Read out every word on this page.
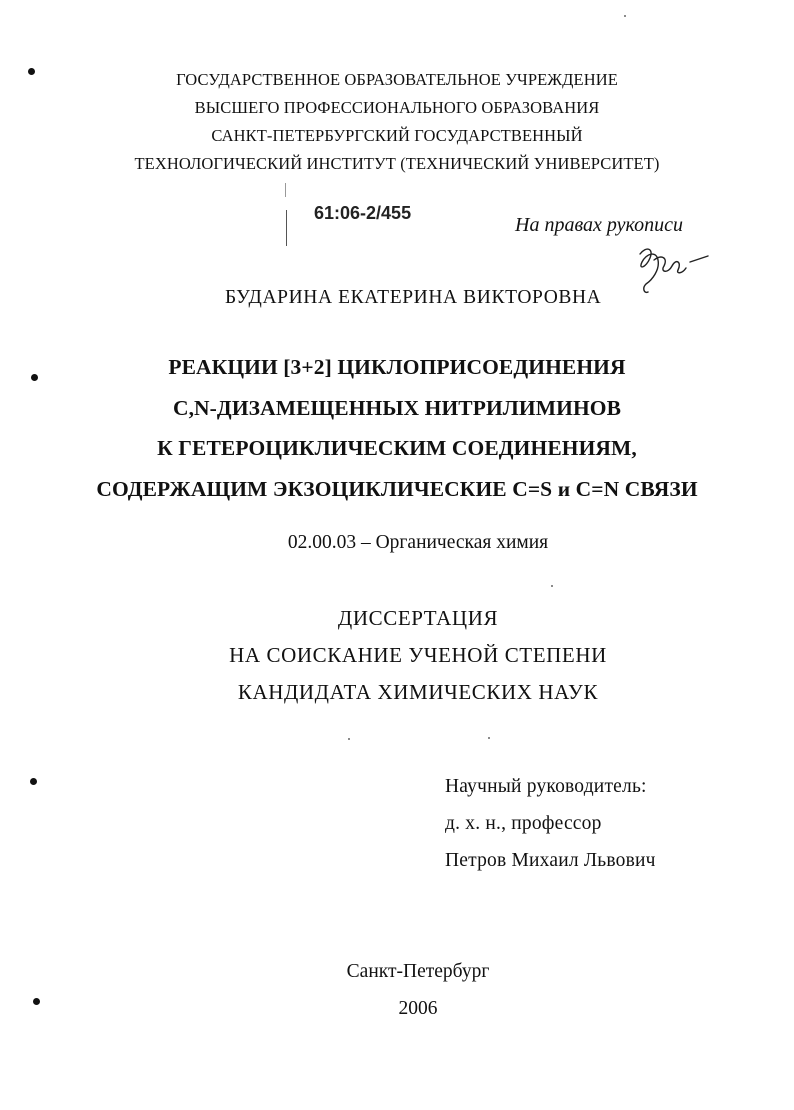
ГОСУДАРСТВЕННОЕ ОБРАЗОВАТЕЛЬНОЕ УЧРЕЖДЕНИЕ
ВЫСШЕГО ПРОФЕССИОНАЛЬНОГО ОБРАЗОВАНИЯ
САНКТ-ПЕТЕРБУРГСКИЙ ГОСУДАРСТВЕННЫЙ
ТЕХНОЛОГИЧЕСКИЙ ИНСТИТУТ (ТЕХНИЧЕСКИЙ УНИВЕРСИТЕТ)
61:06-2/455
На правах рукописи
БУДАРИНА ЕКАТЕРИНА ВИКТОРОВНА
РЕАКЦИИ [3+2] ЦИКЛОПРИСОЕДИНЕНИЯ
C,N-ДИЗАМЕЩЕННЫХ НИТРИЛИМИНОВ
К ГЕТЕРОЦИКЛИЧЕСКИМ СОЕДИНЕНИЯМ,
СОДЕРЖАЩИМ ЭКЗОЦИКЛИЧЕСКИЕ C=S и C=N СВЯЗИ
02.00.03 – Органическая химия
ДИССЕРТАЦИЯ
НА СОИСКАНИЕ УЧЕНОЙ СТЕПЕНИ
КАНДИДАТА ХИМИЧЕСКИХ НАУК
Научный руководитель:
д. х. н., профессор
Петров Михаил Львович
Санкт-Петербург
2006
